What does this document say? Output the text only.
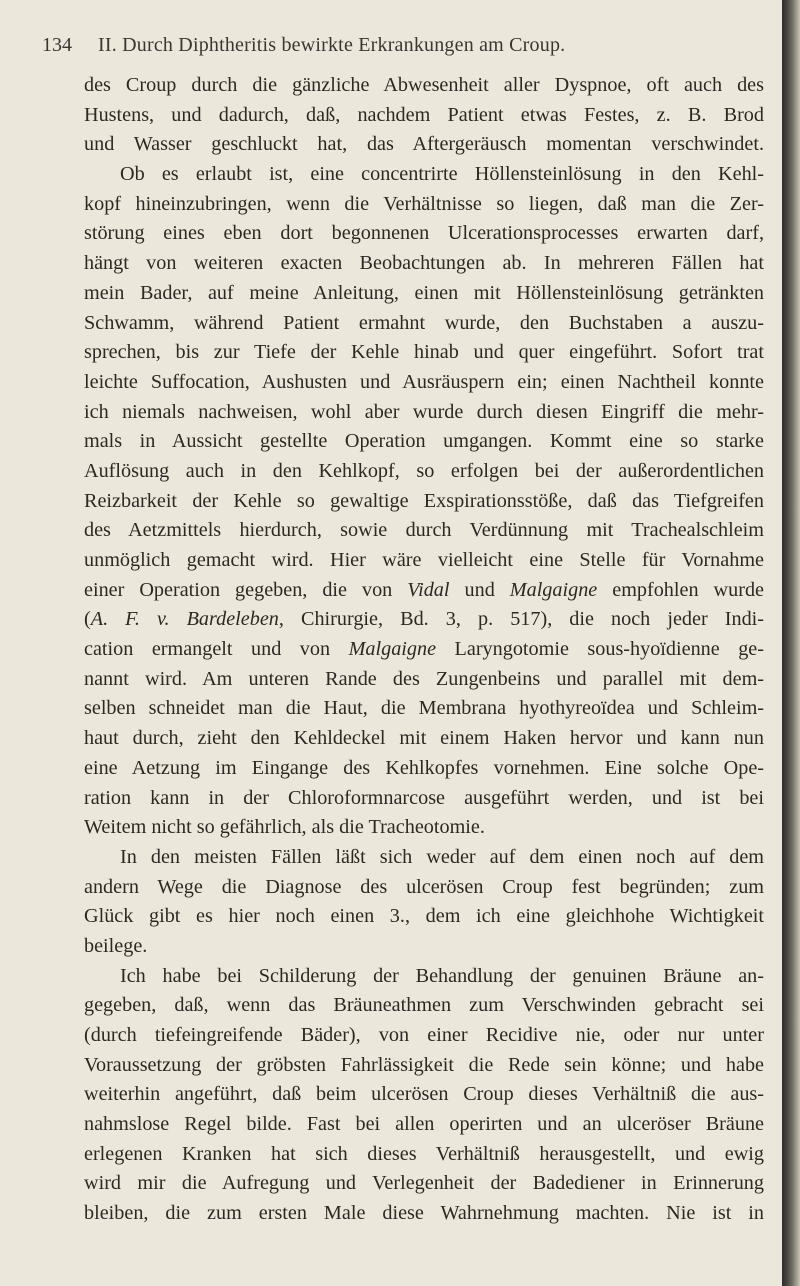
134 II. Durch Diphtheritis bewirkte Erkrankungen am Croup.
des Croup durch die gänzliche Abwesenheit aller Dyspnoe, oft auch des
Hustens, und dadurch, daß, nachdem Patient etwas Festes, z. B. Brod
und Wasser geschluckt hat, das Aftergeräusch momentan verschwindet.
Ob es erlaubt ist, eine concentrirte Höllensteinlösung in den Kehl-
kopf hineinzubringen, wenn die Verhältnisse so liegen, daß man die Zer-
störung eines eben dort begonnenen Ulcerationsprocesses erwarten darf,
hängt von weiteren exacten Beobachtungen ab. In mehreren Fällen hat
mein Bader, auf meine Anleitung, einen mit Höllensteinlösung getränkten
Schwamm, während Patient ermahnt wurde, den Buchstaben a auszu-
sprechen, bis zur Tiefe der Kehle hinab und quer eingeführt. Sofort trat
leichte Suffocation, Aushusten und Ausräuspern ein; einen Nachtheil konnte
ich niemals nachweisen, wohl aber wurde durch diesen Eingriff die mehr-
mals in Aussicht gestellte Operation umgangen. Kommt eine so starke
Auflösung auch in den Kehlkopf, so erfolgen bei der außerordentlichen
Reizbarkeit der Kehle so gewaltige Exspirationsstöße, daß das Tiefgreifen
des Aetzmittels hierdurch, sowie durch Verdünnung mit Trachealschleim
unmöglich gemacht wird. Hier wäre vielleicht eine Stelle für Vornahme
einer Operation gegeben, die von Vidal und Malgaigne empfohlen wurde
(A. F. v. Bardeleben, Chirurgie, Bd. 3, p. 517), die noch jeder Indi-
cation ermangelt und von Malgaigne Laryngotomie sous-hyoïdienne ge-
nannt wird. Am unteren Rande des Zungenbeins und parallel mit dem-
selben schneidet man die Haut, die Membrana hyothyreoïdea und Schleim-
haut durch, zieht den Kehldeckel mit einem Haken hervor und kann nun
eine Aetzung im Eingange des Kehlkopfes vornehmen. Eine solche Ope-
ration kann in der Chloroformnarcose ausgeführt werden, und ist bei
Weitem nicht so gefährlich, als die Tracheotomie.
In den meisten Fällen läßt sich weder auf dem einen noch auf dem
andern Wege die Diagnose des ulcerösen Croup fest begründen; zum
Glück gibt es hier noch einen 3., dem ich eine gleichhohe Wichtigkeit
beilege.
Ich habe bei Schilderung der Behandlung der genuinen Bräune an-
gegeben, daß, wenn das Bräuneathmen zum Verschwinden gebracht sei
(durch tiefeingreifende Bäder), von einer Recidive nie, oder nur unter
Voraussetzung der gröbsten Fahrlässigkeit die Rede sein könne; und habe
weiterhin angeführt, daß beim ulcerösen Croup dieses Verhältniß die aus-
nahmslose Regel bilde. Fast bei allen operirten und an ulceröser Bräune
erlegenen Kranken hat sich dieses Verhältniß herausgestellt, und ewig
wird mir die Aufregung und Verlegenheit der Badediener in Erinnerung
bleiben, die zum ersten Male diese Wahrnehmung machten. Nie ist in
